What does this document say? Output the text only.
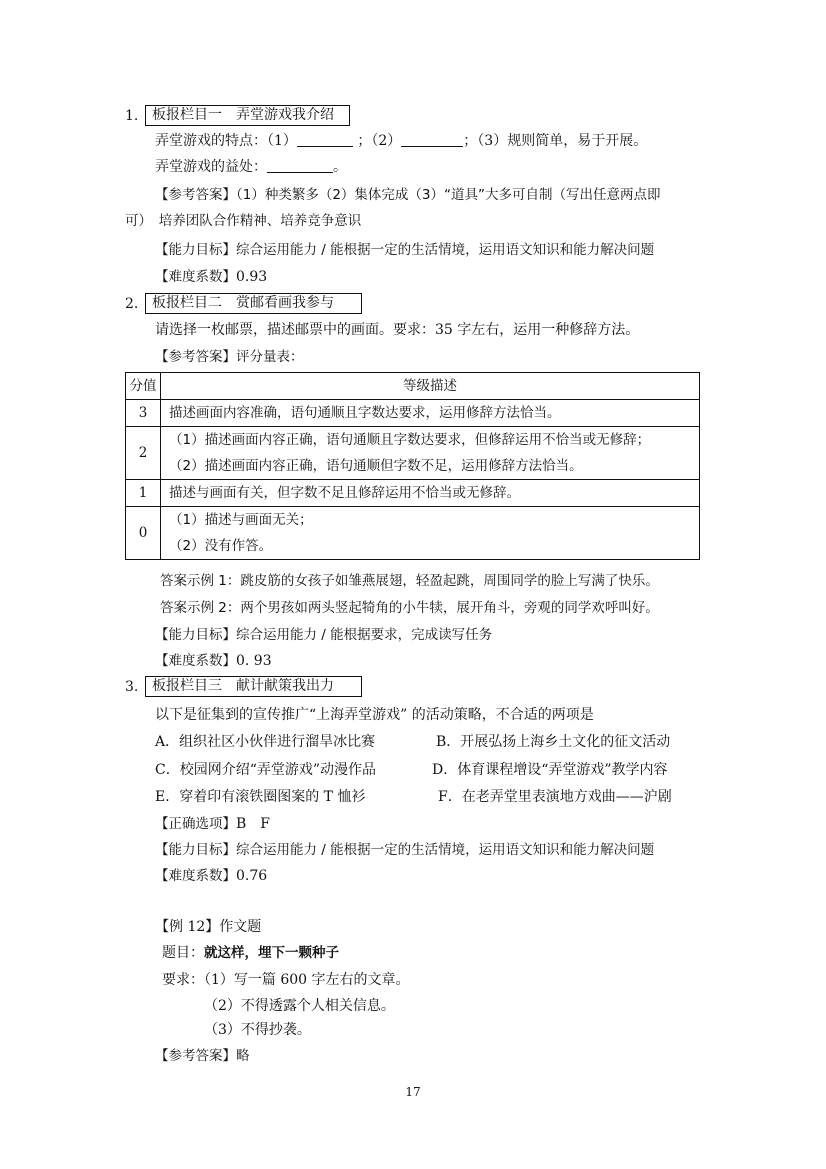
1. 板报栏目一　弄堂游戏我介绍
弄堂游戏的特点：（1）	；（2）	；（3）规则简单，易于开展。
弄堂游戏的益处：	。
【参考答案】（1）种类繁多（2）集体完成（3）“道具”大多可自制（写出任意两点即
可）　培养团队合作精神、培养竞争意识
【能力目标】综合运用能力 / 能根据一定的生活情境，运用语文知识和能力解决问题
【难度系数】0.93
2. 板报栏目二　赏邮看画我参与
请选择一枚邮票，描述邮票中的画面。要求：35 字左右，运用一种修辞方法。
【参考答案】评分量表：
分值	等级描述
3	描述画面内容准确，语句通顺且字数达要求，运用修辞方法恰当。
2	（1）描述画面内容正确，语句通顺且字数达要求，但修辞运用不恰当或无修辞；
（2）描述画面内容正确，语句通顺但字数不足，运用修辞方法恰当。

1	描述与画面有关，但字数不足且修辞运用不恰当或无修辞。
0	（1）描述与画面无关；
（2）没有作答。
答案示例 1：跳皮筋的女孩子如雏燕展翅，轻盈起跳，周围同学的脸上写满了快乐。
答案示例 2：两个男孩如两头竖起犄角的小牛犊，展开角斗，旁观的同学欢呼叫好。
【能力目标】综合运用能力 / 能根据要求，完成读写任务
【难度系数】0. 93
3. 板报栏目三　献计献策我出力
以下是征集到的宣传推广“上海弄堂游戏” 的活动策略，不合适的两项是
A．组织社区小伙伴进行溜旱冰比赛	B．开展弘扬上海乡土文化的征文活动
C．校园网介绍“弄堂游戏”动漫作品	D．体育课程增设“弄堂游戏”教学内容
E．穿着印有滚铁圈图案的 T 恤衫	F．在老弄堂里表演地方戏曲——沪剧
【正确选项】B　F
【能力目标】综合运用能力 / 能根据一定的生活情境，运用语文知识和能力解决问题
【难度系数】0.76
【例 12】作文题
题目：就这样，埋下一颗种子
要求：（1）写一篇 600 字左右的文章。
（2）不得透露个人相关信息。
（3）不得抄袭。
【参考答案】略
17
